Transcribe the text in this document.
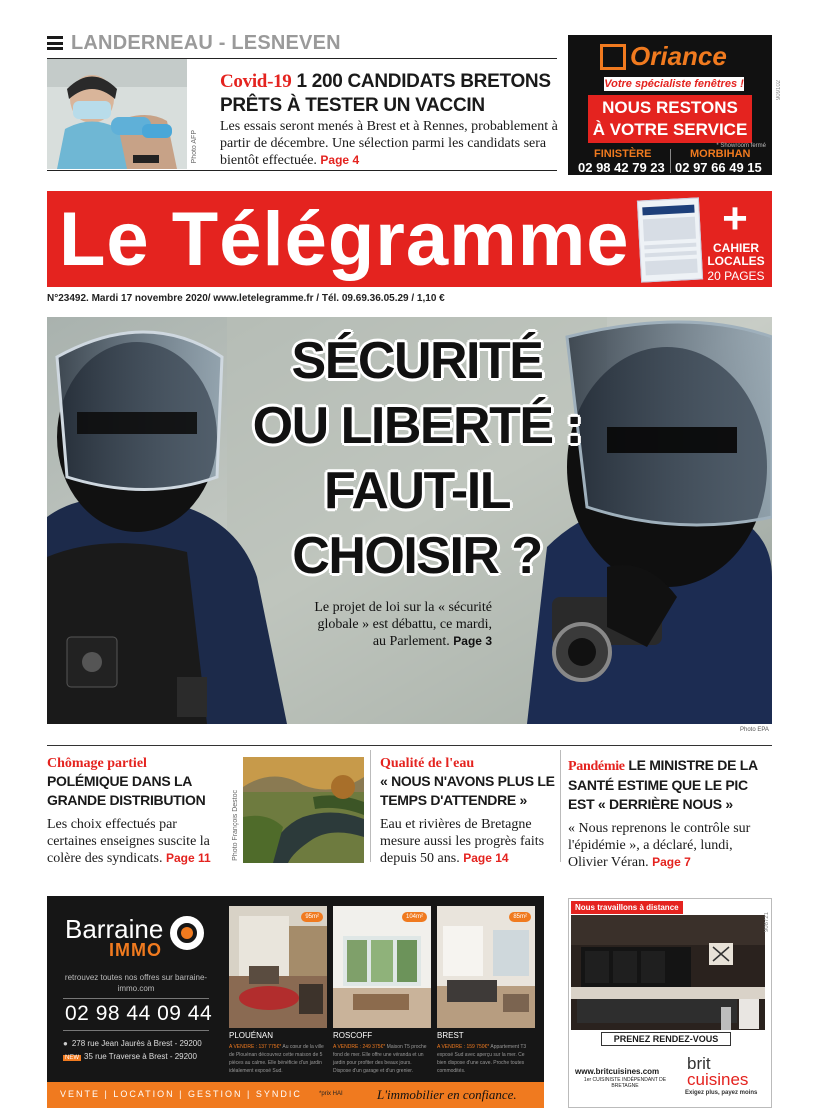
LANDERNEAU - LESNEVEN
Photo AFP
Covid-19 1 200 CANDIDATS BRETONS
PRÊTS À TESTER UN VACCIN
Les essais seront menés à Brest et à Rennes, probablement à partir de décembre. Une sélection parmi les candidats sera bientôt effectuée. Page 4
Oriance
Votre spécialiste fenêtres !
NOUS RESTONS
À VOTRE SERVICE
* Showroom fermé
FINISTÈRE
02 98 42 79 23
MORBIHAN
02 97 66 49 15
909102
Le Télégramme +
CAHIER
LOCALES
20 PAGES
N°23492. Mardi 17 novembre 2020/ www.letelegramme.fr / Tél. 09.69.36.05.29 / 1,10 €
SÉCURITÉ
OU LIBERTÉ :
FAUT-IL
CHOISIR ?
Le projet de loi sur la « sécurité globale » est débattu, ce mardi, au Parlement. Page 3
Photo EPA
Chômage partiel
POLÉMIQUE DANS LA GRANDE DISTRIBUTION
Les choix effectués par certaines enseignes suscite la colère des syndicats. Page 11	Photo François Destoc
Qualité de l'eau
« NOUS N'AVONS PLUS LE TEMPS D'ATTENDRE »
Eau et rivières de Bretagne mesure aussi les progrès faits depuis 50 ans. Page 14
Pandémie LE MINISTRE DE LA SANTÉ ESTIME QUE LE PIC EST « DERRIÈRE NOUS »
« Nous reprenons le contrôle sur l'épidémie », a déclaré, lundi, Olivier Véran. Page 7
Barraine
IMMO
retrouvez toutes nos offres sur barraine-immo.com
02 98 44 09 44
● 278 rue Jean Jaurès à Brest - 29200
NEW 35 rue Traverse à Brest - 29200
95m²
PLOUÉNAN
A VENDRE : 137 775€* Au cœur de la ville de Plouénan découvrez cette maison de 5 pièces au calme. Elle bénéficie d'un jardin idéalement exposé Sud.
104m²
ROSCOFF
A VENDRE : 249 375€* Maison T5 proche fond de mer. Elle offre une véranda et un jardin pour profiter des beaux jours. Dispose d'un garage et d'un grenier.
85m²
BREST
A VENDRE : 159 750€* Appartement T3 exposé Sud avec aperçu sur la mer. Ce bien dispose d'une cave. Proche toutes commodités.
VENTE | LOCATION | GESTION | SYNDIC	*prix HAI	L'immobilier en confiance.
Nous travaillons à distance
PRENEZ RENDEZ-VOUS
www.britcuisines.com
1er CUISINISTE INDÉPENDANT DE BRETAGNE
brit
cuisines
Exigez plus, payez moins
908721
